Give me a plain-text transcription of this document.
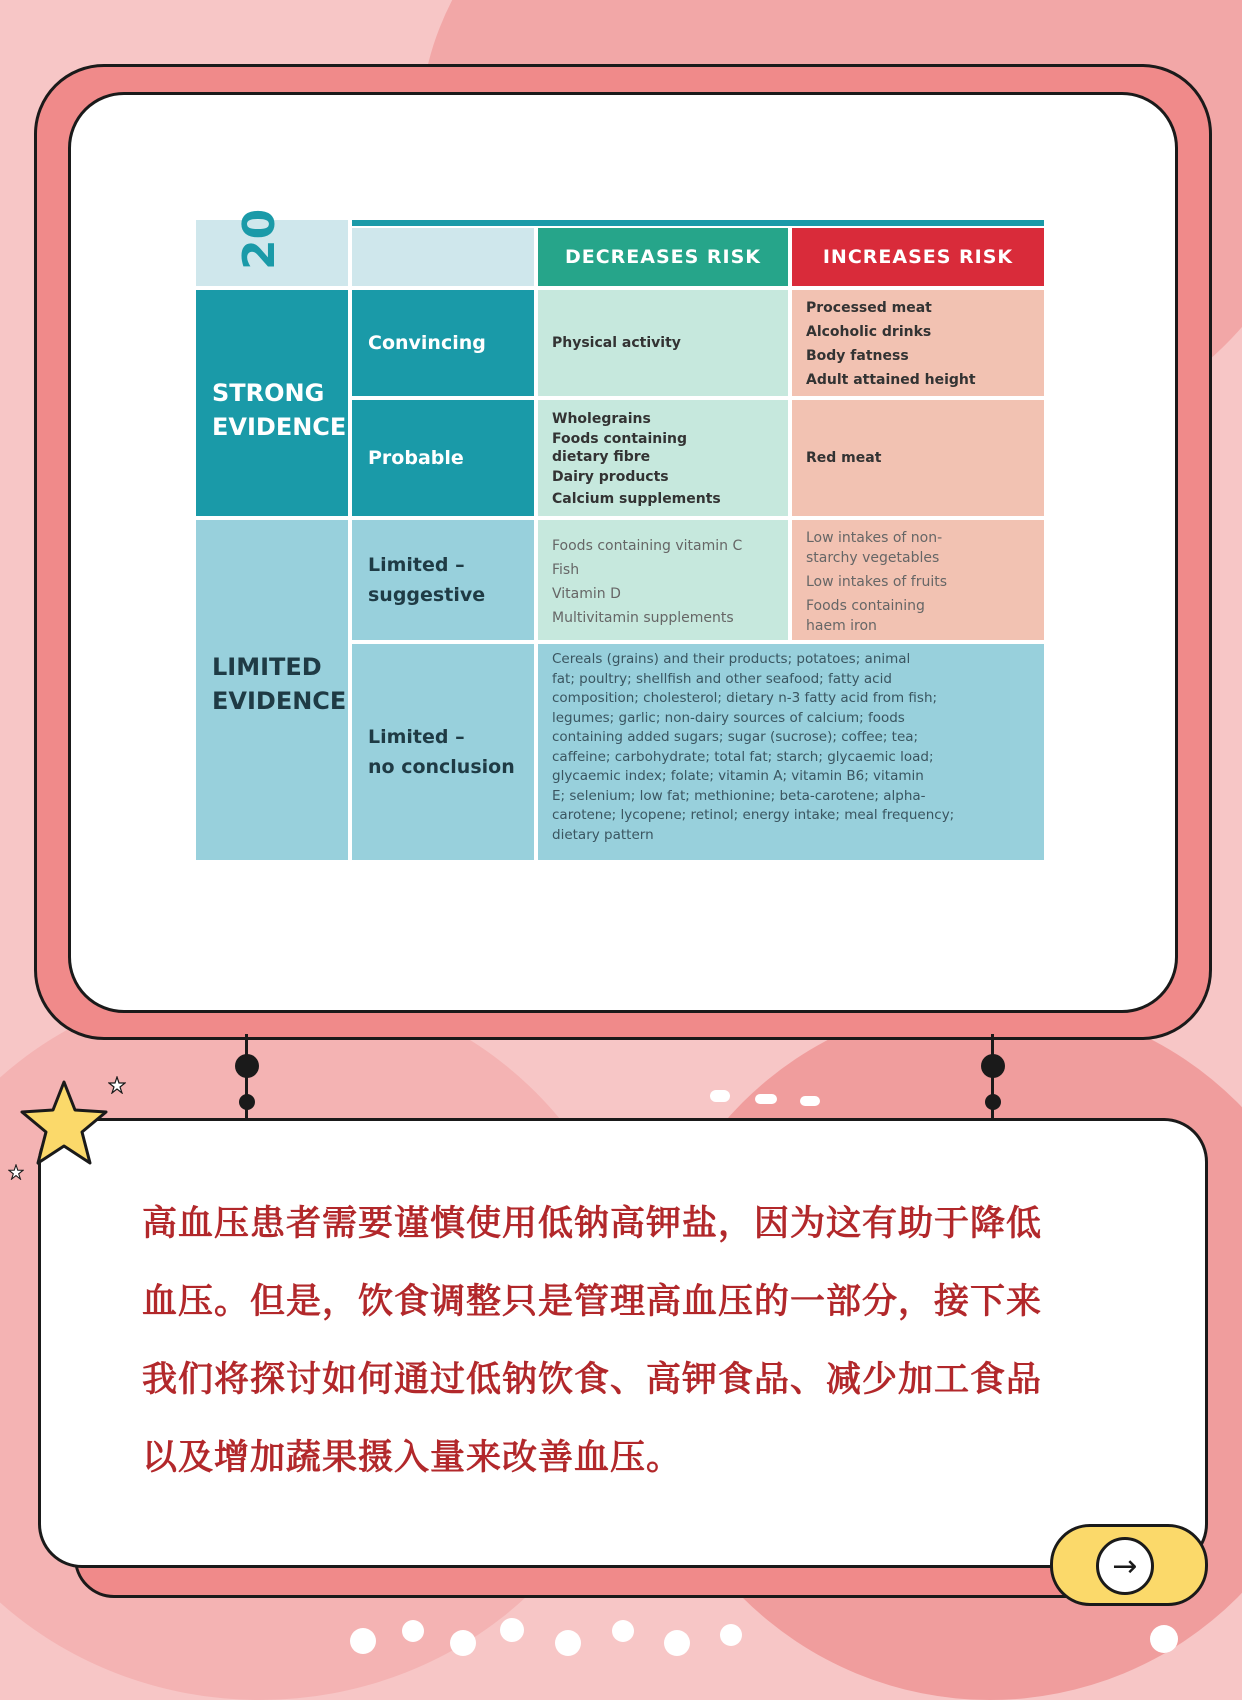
20	DECREASES RISK	INCREASES RISK
STRONG
EVIDENCE
LIMITED
EVIDENCE
Convincing
Probable
Limited –
suggestive
Limited –
no conclusion
Physical activity
Wholegrains
Foods containing
dietary fibre
Dairy products
Calcium supplements
Foods containing vitamin C
Fish
Vitamin D
Multivitamin supplements
Processed meat
Alcoholic drinks
Body fatness
Adult attained height
Red meat
Low intakes of non-
starchy vegetables
Low intakes of fruits
Foods containing
haem iron
Cereals (grains) and their products; potatoes; animal
fat; poultry; shellfish and other seafood; fatty acid
composition; cholesterol; dietary n-3 fatty acid from fish;
legumes; garlic; non-dairy sources of calcium; foods
containing added sugars; sugar (sucrose); coffee; tea;
caffeine; carbohydrate; total fat; starch; glycaemic load;
glycaemic index; folate; vitamin A; vitamin B6; vitamin
E; selenium; low fat; methionine; beta-carotene; alpha-
carotene; lycopene; retinol; energy intake; meal frequency;
dietary pattern
高血压患者需要谨慎使用低钠高钾盐，因为这有助于降低
血压。但是，饮食调整只是管理高血压的一部分，接下来
我们将探讨如何通过低钠饮食、高钾食品、减少加工食品
以及增加蔬果摄入量来改善血压。
→
